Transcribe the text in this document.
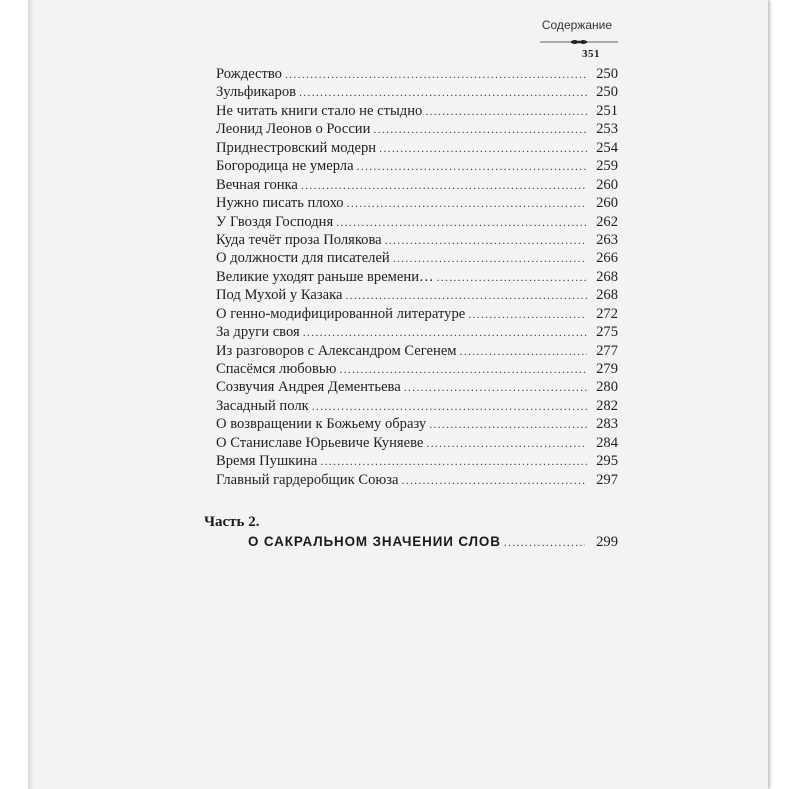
Содержание
351
Рождество .....	250
Зульфикаров .....	250
Не читать книги стало не стыдно .....	251
Леонид Леонов о России .....	253
Приднестровский модерн .....	254
Богородица не умерла .....	259
Вечная гонка .....	260
Нужно писать плохо .....	260
У Гвоздя Господня .....	262
Куда течёт проза Полякова .....	263
О должности для писателей .....	266
Великие уходят раньше времени… .....	268
Под Мухой у Казака .....	268
О генно-модифицированной литературе .....	272
За други своя .....	275
Из разговоров с Александром Сегенем .....	277
Спасёмся любовью .....	279
Созвучия Андрея Дементьева .....	280
Засадный полк .....	282
О возвращении к Божьему образу .....	283
О Станиславе Юрьевиче Куняеве .....	284
Время Пушкина .....	295
Главный гардеробщик Союза .....	297
Часть 2.
О САКРАЛЬНОМ ЗНАЧЕНИИ СЛОВ .....	299
